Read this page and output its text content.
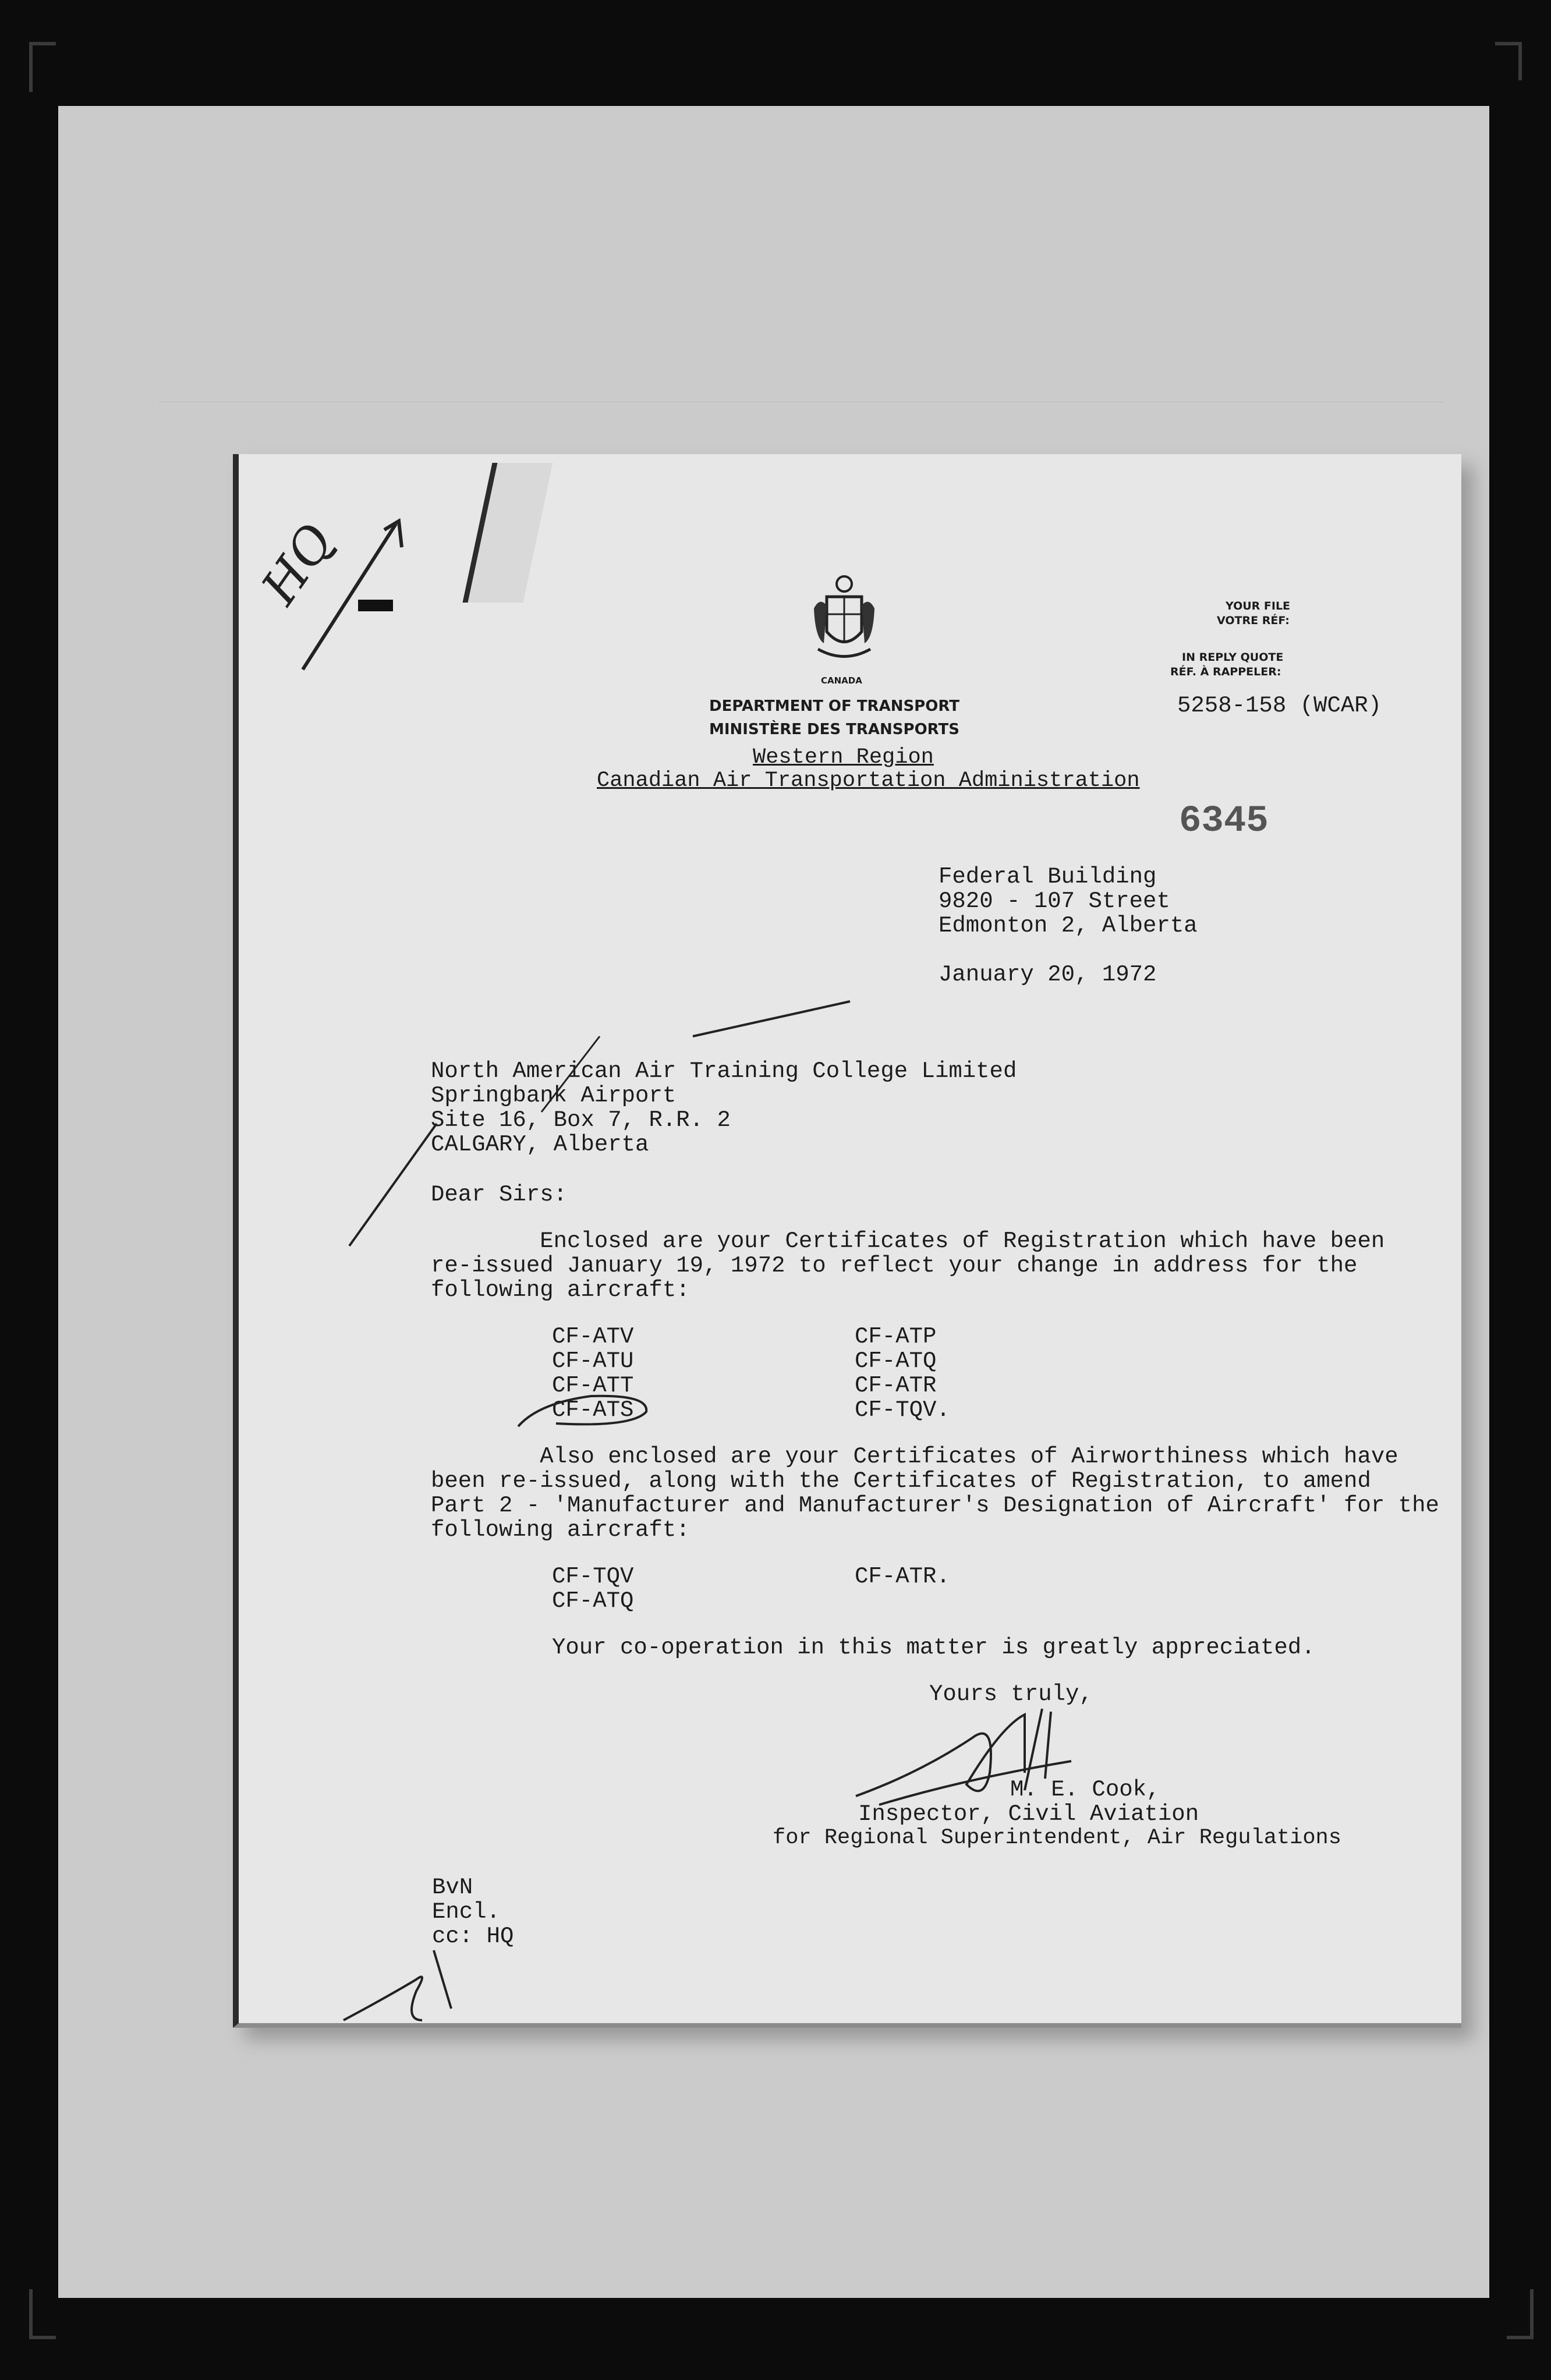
HQ
CANADA
DEPARTMENT OF TRANSPORT
MINISTÈRE DES TRANSPORTS
Western Region
Canadian Air Transportation Administration
YOUR FILE
VOTRE RÉF:
IN REPLY QUOTE
RÉF. À RAPPELER:
5258-158 (WCAR)
6345
Federal Building
9820 - 107 Street
Edmonton 2, Alberta
January 20, 1972
North American Air Training College Limited
Springbank Airport
Site 16, Box 7, R.R. 2
CALGARY, Alberta
Dear Sirs:
Enclosed are your Certificates of Registration which have been
re-issued January 19, 1972 to reflect your change in address for the
following aircraft:
CF-ATV
CF-ATU
CF-ATT
CF-ATS
CF-ATP
CF-ATQ
CF-ATR
CF-TQV.
Also enclosed are your Certificates of Airworthiness which have
been re-issued, along with the Certificates of Registration, to amend
Part 2 - 'Manufacturer and Manufacturer's Designation of Aircraft' for the
following aircraft:
CF-TQV
CF-ATQ
CF-ATR.
Your co-operation in this matter is greatly appreciated.
Yours truly,
M. E. Cook,
Inspector, Civil Aviation
for Regional Superintendent, Air Regulations
BvN
Encl.
cc: HQ
